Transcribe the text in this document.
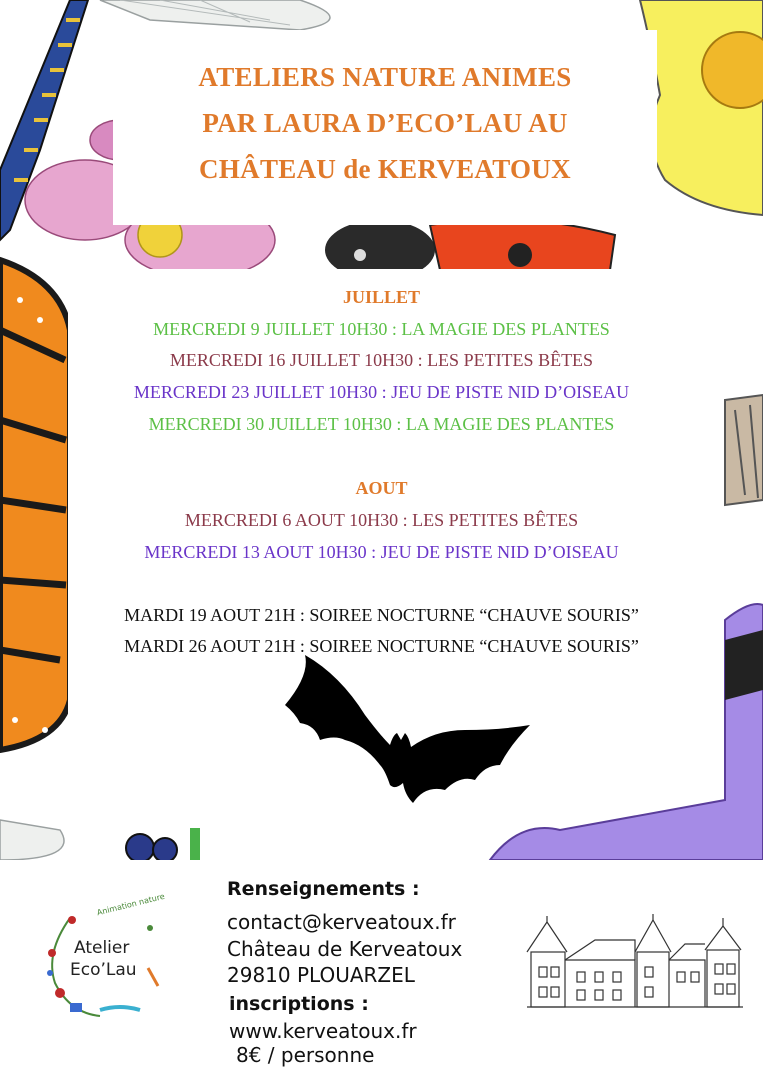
ATELIERS NATURE ANIMES
PAR LAURA D’ECO’LAU AU
CHÂTEAU de KERVEATOUX
JUILLET
MERCREDI 9 JUILLET 10H30 : LA MAGIE DES PLANTES
MERCREDI 16 JUILLET 10H30 : LES PETITES BÊTES
MERCREDI 23 JUILLET 10H30 : JEU DE PISTE NID D’OISEAU
MERCREDI 30 JUILLET 10H30 : LA MAGIE DES PLANTES
AOUT
MERCREDI 6 AOUT 10H30 : LES PETITES BÊTES
MERCREDI 13 AOUT 10H30 : JEU DE PISTE NID D’OISEAU
MARDI 19 AOUT 21H : SOIREE NOCTURNE “CHAUVE SOURIS”
MARDI 26 AOUT 21H : SOIREE NOCTURNE “CHAUVE SOURIS”
Animation nature
Atelier
Eco’Lau
Renseignements :
contact@kerveatoux.fr
Château de Kerveatoux
29810 PLOUARZEL
inscriptions :
www.kerveatoux.fr
8€ / personne
